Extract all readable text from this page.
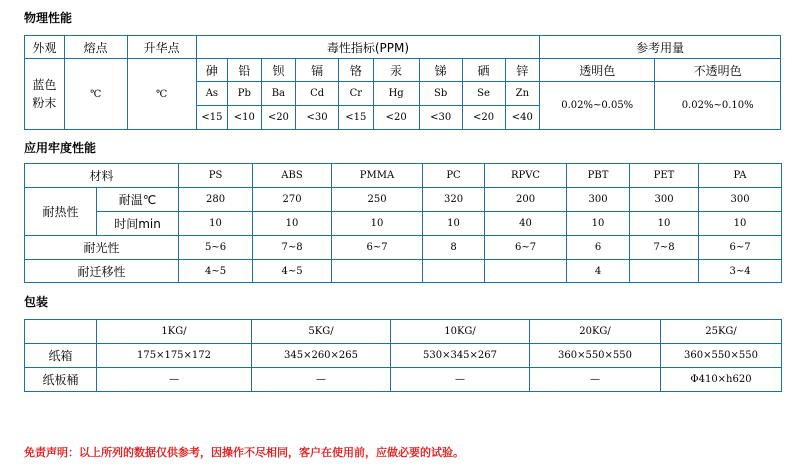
物理性能

外观	熔点	升华点	毒性指标(PPM)									参考用量	
蓝色粉末	℃	℃	砷	铅	钡	镉	铬	汞	锑	硒	锌	透明色	不透明色
			As	Pb	Ba	Cd	Cr	Hg	Sb	Se	Zn	0.02%~0.05%	0.02%~0.10%
			<15	<10	<20	<30	<15	<20	<30	<20	<40		

应用牢度性能

材料		PS	ABS	PMMA	PC	RPVC	PBT	PET	PA
耐热性	耐温℃	280	270	250	320	200	300	300	300
	时间min	10	10	10	10	40	10	10	10
耐光性		5~6	7~8	6~7	8	6~7	6	7~8	6~7
耐迁移性		4~5	4~5				4		3~4

包装

	1KG/	5KG/	10KG/	20KG/	25KG/
纸箱	175×175×172	345×260×265	530×345×267	360×550×550	360×550×550
纸板桶	—	—	—	—	Φ410×h620

免责声明：以上所列的数据仅供参考，因操作不尽相同，客户在使用前，应做必要的试验。
